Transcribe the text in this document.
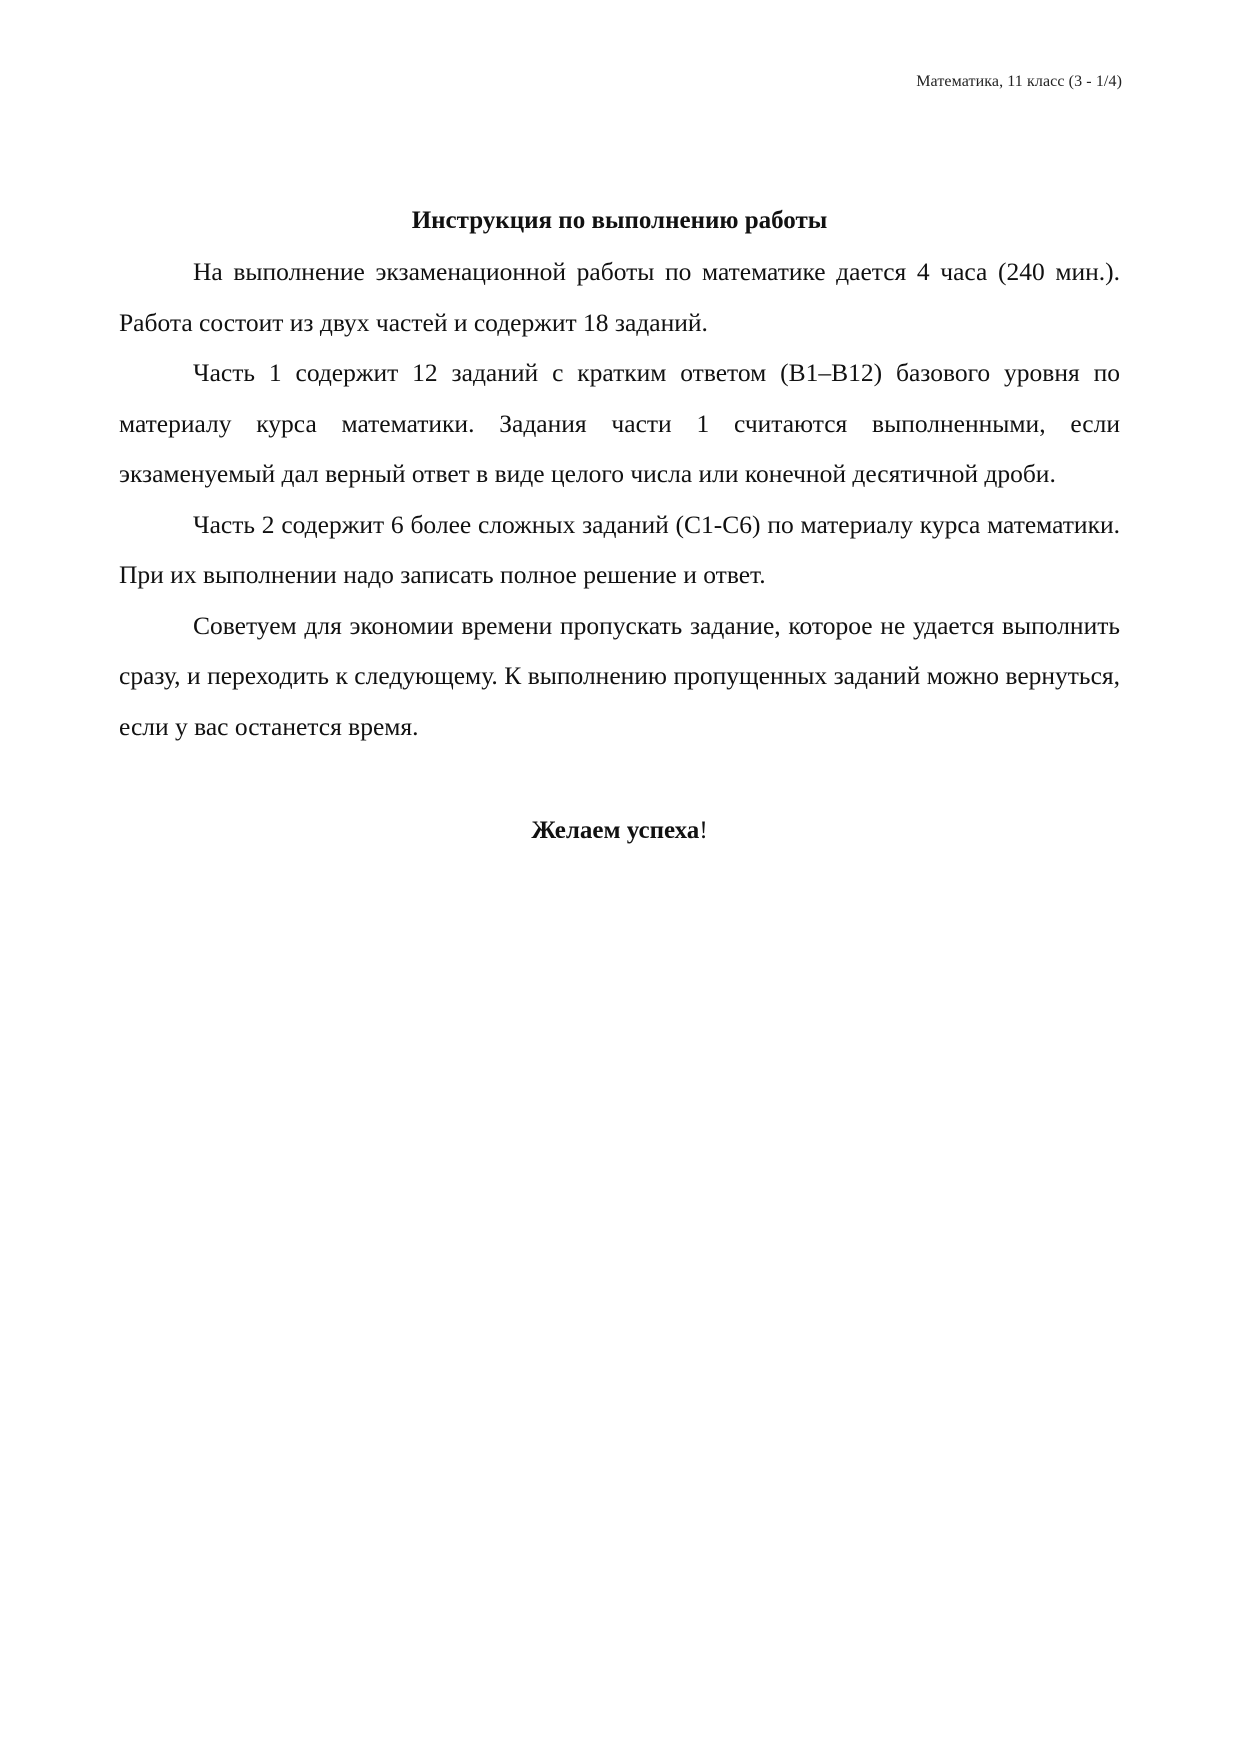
Математика, 11 класс (3 - 1/4)
Инструкция по выполнению работы

На выполнение экзаменационной работы по математике дается 4 часа (240 мин.). Работа состоит из двух частей и содержит 18 заданий.

Часть 1 содержит 12 заданий с кратким ответом (B1–B12) базового уровня по материалу курса математики. Задания части 1 считаются выполненными, если экзаменуемый дал верный ответ в виде целого числа или конечной десятичной дроби.

Часть 2 содержит 6 более сложных заданий (С1-С6) по материалу курса математики. При их выполнении надо записать полное решение и ответ.

Советуем для экономии времени пропускать задание, которое не удается выполнить сразу, и переходить к следующему. К выполнению пропущенных заданий можно вернуться, если у вас останется время.

Желаем успеха!
